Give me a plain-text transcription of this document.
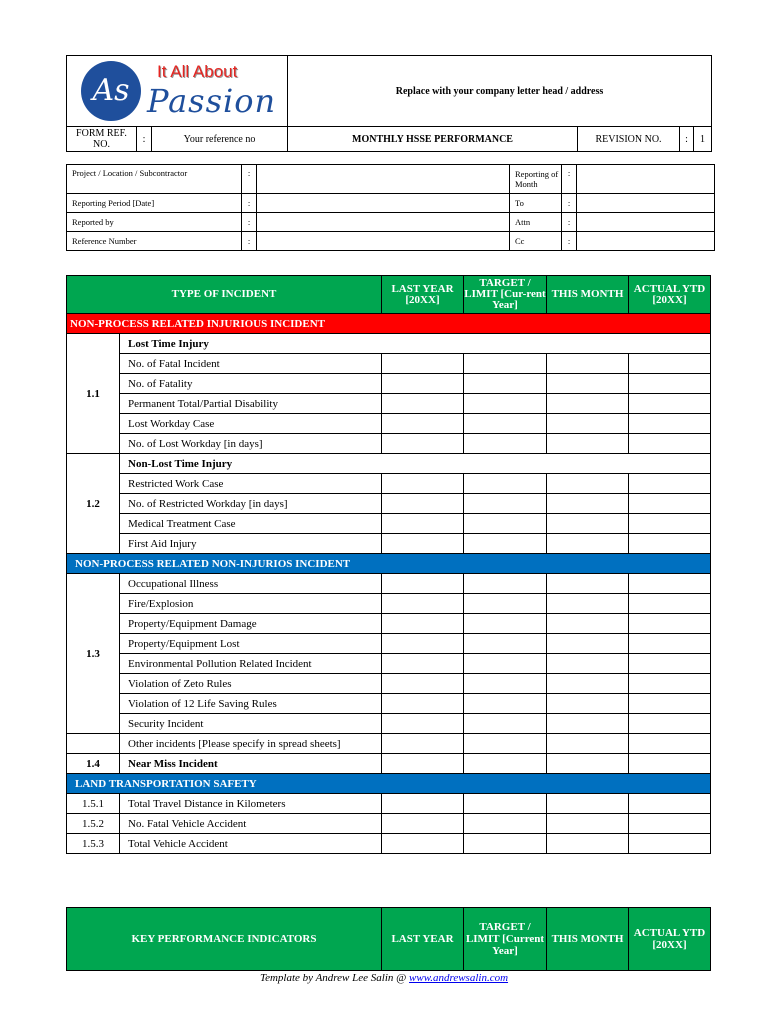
As
It All About
Passion			Replace with your company letter head / address			
FORM REF. NO.	:	Your reference no	MONTHLY HSSE PERFORMANCE	REVISION NO.	:	1
Project / Location / Subcontractor	:		Reporting of Month	:	
Reporting Period [Date]	:		To	:	
Reported by	:		Attn	:	
Reference Number	:		Cc	:	
TYPE OF INCIDENT		LAST YEAR [20XX]	TARGET / LIMIT [Cur-rent Year]	THIS MONTH	ACTUAL YTD [20XX]
NON-PROCESS RELATED INJURIOUS INCIDENT					
1.1	Lost Time Injury				
	No. of Fatal Incident				
	No. of Fatality				
	Permanent Total/Partial Disability				
	Lost Workday Case				
	No. of Lost Workday [in days]				
1.2	Non-Lost Time Injury				
	Restricted Work Case				
	No. of Restricted Workday [in days]				
	Medical Treatment Case				
	First Aid Injury				
NON-PROCESS RELATED NON-INJURIOS INCIDENT					
1.3	Occupational Illness				
	Fire/Explosion				
	Property/Equipment Damage				
	Property/Equipment Lost				
	Environmental Pollution Related Incident				
	Violation of Zeto Rules				
	Violation of 12 Life Saving Rules				
	Security Incident				
	Other incidents [Please specify in spread sheets]				
1.4	Near Miss Incident				
LAND TRANSPORTATION SAFETY					
1.5.1	Total Travel Distance in Kilometers				
1.5.2	No. Fatal Vehicle Accident				
1.5.3	Total Vehicle Accident				
KEY PERFORMANCE INDICATORS	LAST YEAR	TARGET / LIMIT [Current Year]	THIS MONTH	ACTUAL YTD [20XX]
Template by Andrew Lee Salin @ www.andrewsalin.com
